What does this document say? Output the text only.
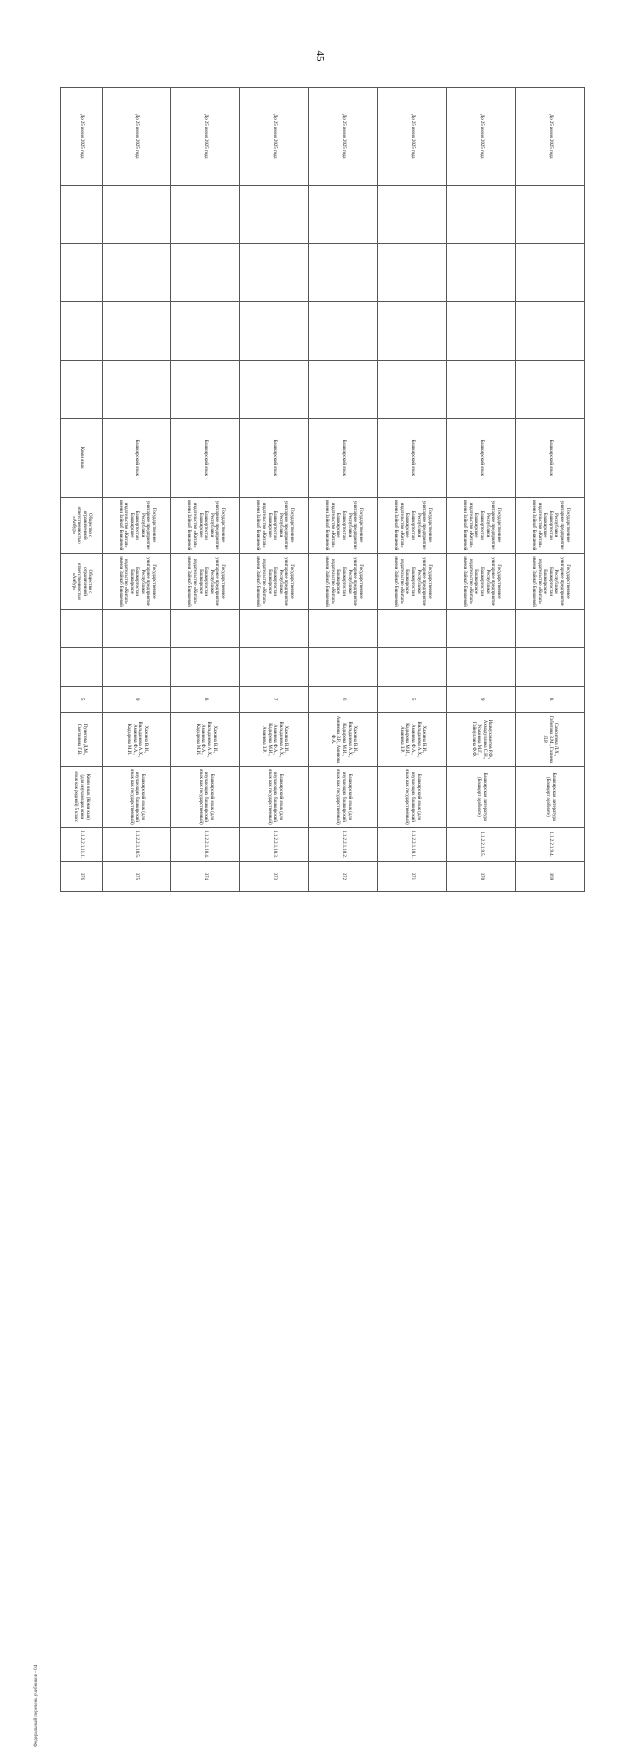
45
До 25 июня 2025 года					Башкирский язык	Государственное унитарное предприятие Республики Башкортостан Башкирское издательство «Китап» имени Зайнаб Биишевой	Государственное унитарное предприятие Республики Башкортостан Башкирское издательство «Китап» имени Зайнаб Биишевой			8	Самситова Л.Х., Габитова З.М., Галиева Л.Р.	Башкирская литература (Бәшқорт әҙәбиәте)	1.1.2.2.1.9.4.	369
До 25 июня 2025 года					Башкирский язык	Государственное унитарное предприятие Республики Башкортостан Башкирское издательство «Китап» имени Зайнаб Биишевой	Государственное унитарное предприятие Республики Башкортостан Башкирское издательство «Китап» имени Зайнаб Биишевой			9	Ишмухаметов Р.Ф., Ахмадуллина С.Н., Усманова М.Г., Гайнуллина Ф.Ф.	Башкирская литература (Бәшқорт әҙәбиәте)	1.1.2.2.1.9.5.	370
До 25 июня 2025 года					Башкирский язык	Государственное унитарное предприятие Республики Башкортостан Башкирское издательство «Китап» имени Зайнаб Биишевой	Государственное унитарное предприятие Республики Башкортостан Башкирское издательство «Китап» имени Зайнаб Биишевой			5	Хажина В.И., Вильданова А.Х., Аминова Ф.А., Кадырова М.И., Аминова З.Р.	Башкирский язык (для изучающих башкирский язык как государственный)	1.1.2.2.1.10.1.	371
До 25 июня 2025 года					Башкирский язык	Государственное унитарное предприятие Республики Башкортостан Башкирское издательство «Китап» имени Зайнаб Биишевой	Государственное унитарное предприятие Республики Башкортостан Башкирское издательство «Китап» имени Зайнаб Биишевой			6	Хажина В.И., Вильданова А.Х., Кадырова М.И., Аминова З.Р., Аминова Ф.А.	Башкирский язык (для изучающих башкирский язык как государственный)	1.1.2.2.1.10.2.	372
До 25 июня 2025 года					Башкирский язык	Государственное унитарное предприятие Республики Башкортостан Башкирское издательство «Китап» имени Зайнаб Биишевой	Государственное унитарное предприятие Республики Башкортостан Башкирское издательство «Китап» имени Зайнаб Биишевой			7	Хажина В.И., Вильданова А.Х., Аминова Ф.А., Кадырова М.И., Аминова З.Р.	Башкирский язык (для изучающих башкирский язык как государственный)	1.1.2.2.1.10.3.	373
До 25 июня 2025 года					Башкирский язык	Государственное унитарное предприятие Республики Башкортостан Башкирское издательство «Китап» имени Зайнаб Биишевой	Государственное унитарное предприятие Республики Башкортостан Башкирское издательство «Китап» имени Зайнаб Биишевой			8	Хажина В.И., Вильданова А.Х., Аминова Ф.А., Кадырова М.И.	Башкирский язык (для изучающих башкирский язык как государственный)	1.1.2.2.1.10.4.	374
До 25 июня 2025 года					Башкирский язык	Государственное унитарное предприятие Республики Башкортостан Башкирское издательство «Китап» имени Зайнаб Биишевой	Государственное унитарное предприятие Республики Башкортостан Башкирское издательство «Китап» имени Зайнаб Биишевой			9	Хажина В.И., Вильданова А.Х., Аминова Ф.А., Кадырова М.И.	Башкирский язык (для изучающих башкирский язык как государственный)	1.1.2.2.1.10.5.	375
До 25 июня 2025 года					Коми язык	Общество с ограниченной ответственностью «Анбур»	Общество с ограниченной ответственностью «Анбур»			5	Пунегова Д.М., Сметанина Г.В.	Коми язык (Коми кыв) (для изучающих коми язык как родной) 5 класс	1.1.2.2.1.11.1.	376
Федеральный перечень учебников - 04
